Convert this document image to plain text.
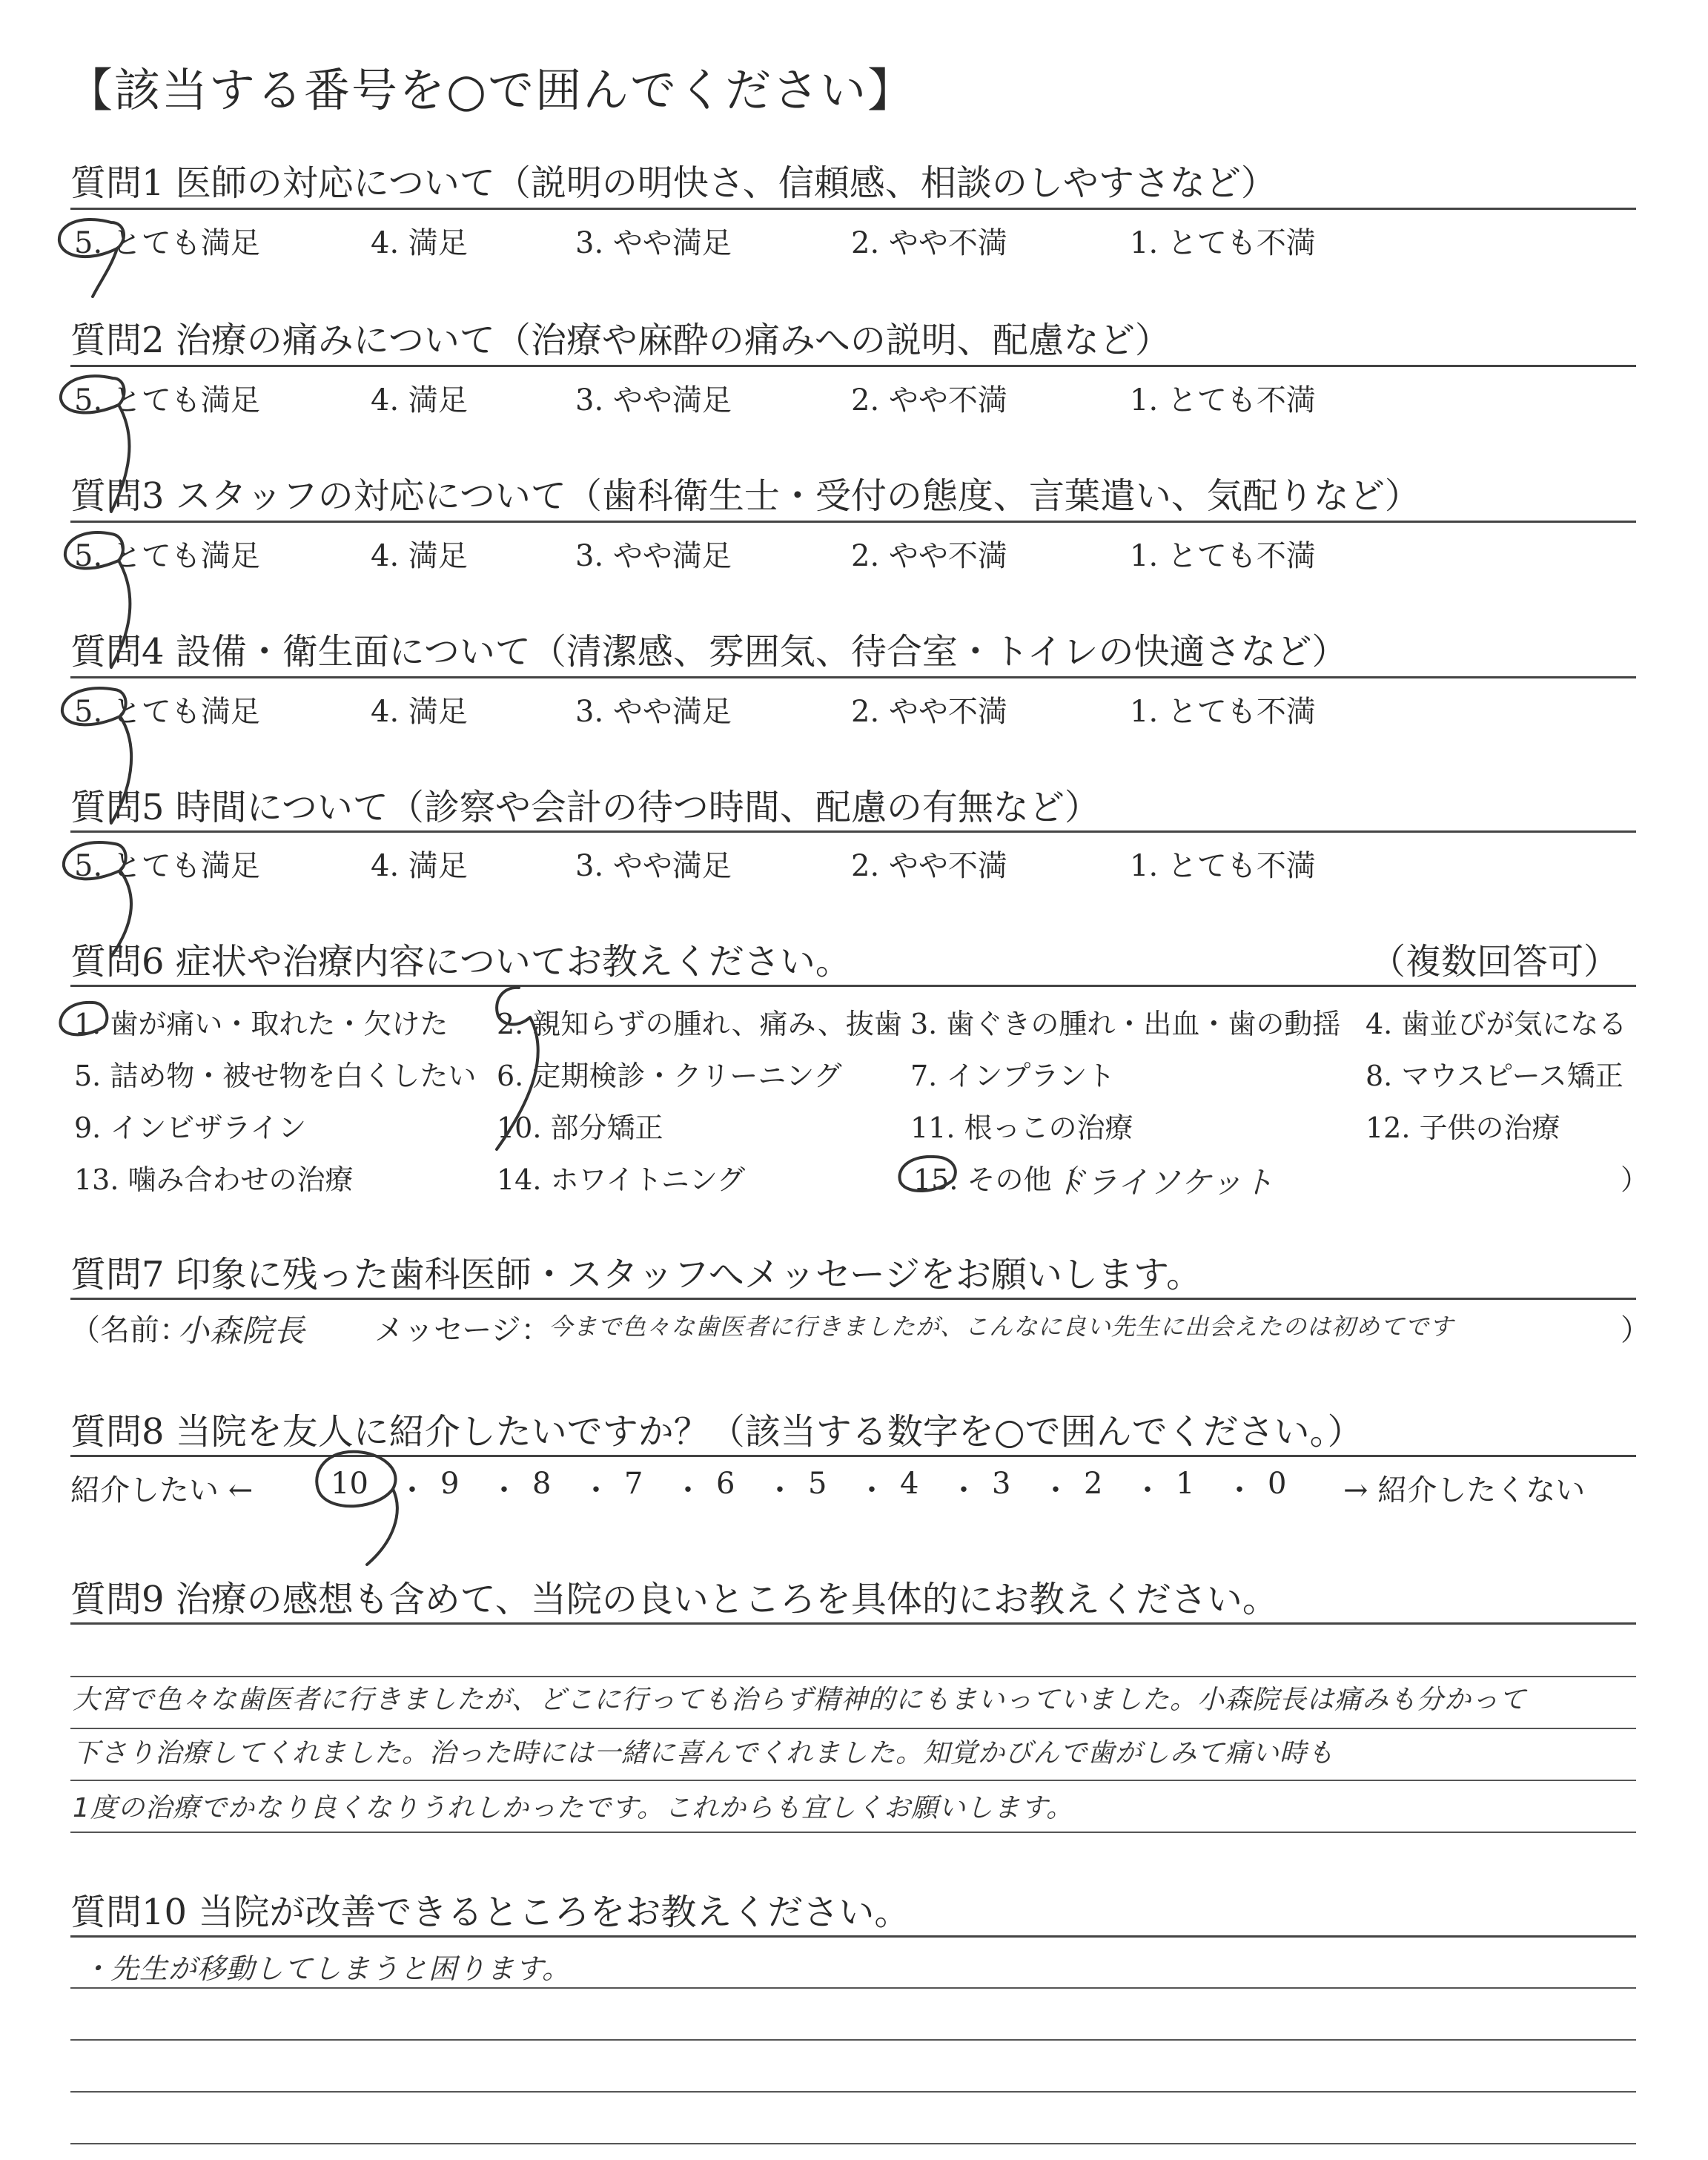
【該当する番号を○で囲んでください】
質問1 医師の対応について（説明の明快さ、信頼感、相談のしやすさなど）
5. とても満足	4. 満足	3. やや満足	2. やや不満	1. とても不満
質問2 治療の痛みについて（治療や麻酔の痛みへの説明、配慮など）
5. とても満足	4. 満足	3. やや満足	2. やや不満	1. とても不満
質問3 スタッフの対応について（歯科衛生士・受付の態度、言葉遣い、気配りなど）
5. とても満足	4. 満足	3. やや満足	2. やや不満	1. とても不満
質問4 設備・衛生面について（清潔感、雰囲気、待合室・トイレの快適さなど）
5. とても満足	4. 満足	3. やや満足	2. やや不満	1. とても不満
質問5 時間について（診察や会計の待つ時間、配慮の有無など）
5. とても満足	4. 満足	3. やや満足	2. やや不満	1. とても不満
質問6 症状や治療内容についてお教えください。	（複数回答可）
1. 歯が痛い・取れた・欠けた 2. 親知らずの腫れ、痛み、抜歯 3. 歯ぐきの腫れ・出血・歯の動揺 4. 歯並びが気になる
5. 詰め物・被せ物を白くしたい 6. 定期検診・クリーニング 7. インプラント	8. マウスピース矯正
9. インビザライン	10. 部分矯正	11. 根っこの治療	12. 子供の治療
13. 噛み合わせの治療	14. ホワイトニング	15. その他（
ドライソケット	）
質問7 印象に残った歯科医師・スタッフへメッセージをお願いします。
（名前：
小森院長 メッセージ：
今まで色々な歯医者に行きましたが、こんなに良い先生に出会えたのは初めてです	）
質問8 当院を友人に紹介したいですか？（該当する数字を○で囲んでください。）
紹介したい ←	10 ・ 9 ・ 8 ・ 7 ・ 6 ・ 5 ・ 4 ・ 3 ・ 2 ・ 1 ・ 0 → 紹介したくない
質問9 治療の感想も含めて、当院の良いところを具体的にお教えください。
大宮で色々な歯医者に行きましたが、どこに行っても治らず精神的にもまいっていました。小森院長は痛みも分かって
下さり治療してくれました。治った時には一緒に喜んでくれました。知覚かびんで歯がしみて痛い時も
1度の治療でかなり良くなりうれしかったです。これからも宜しくお願いします。
質問10 当院が改善できるところをお教えください。
・先生が移動してしまうと困ります。
